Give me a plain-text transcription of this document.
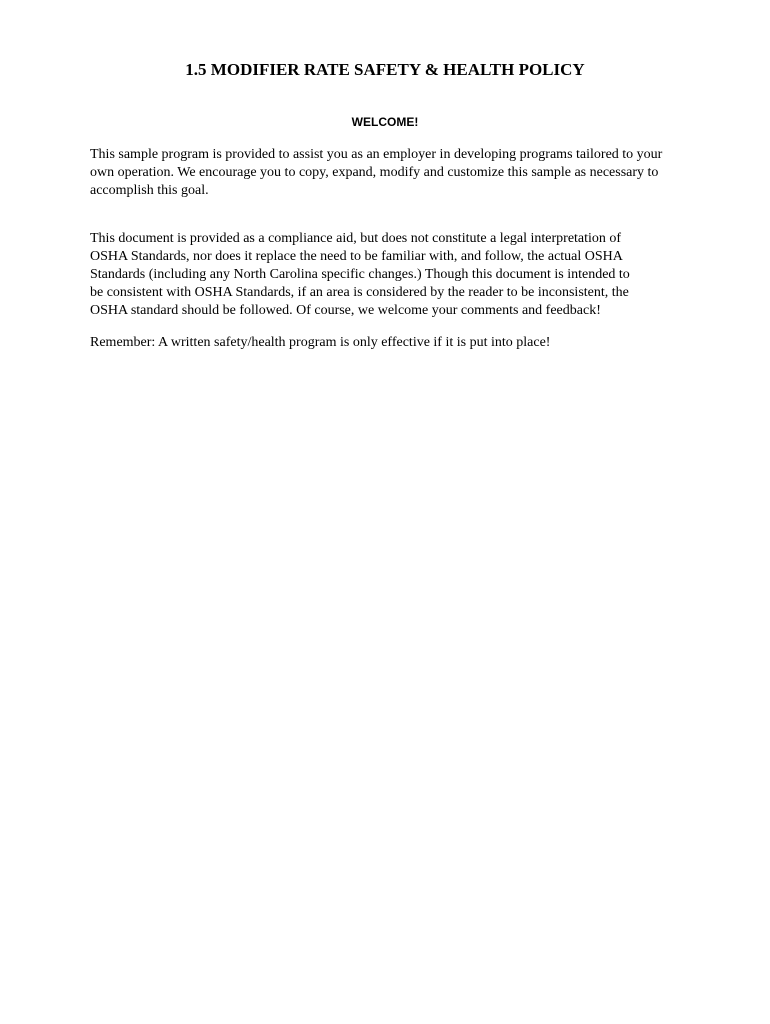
1.5 MODIFIER RATE SAFETY & HEALTH POLICY
WELCOME!
This sample program is provided to assist you as an employer in developing programs tailored to your
own operation. We encourage you to copy, expand, modify and customize this sample as necessary to
accomplish this goal.
This document is provided as a compliance aid, but does not constitute a legal interpretation of
OSHA Standards, nor does it replace the need to be familiar with, and follow, the actual OSHA
Standards (including any North Carolina specific changes.) Though this document is intended to
be consistent with OSHA Standards, if an area is considered by the reader to be inconsistent, the
OSHA standard should be followed. Of course, we welcome your comments and feedback!
Remember: A written safety/health program is only effective if it is put into place!
